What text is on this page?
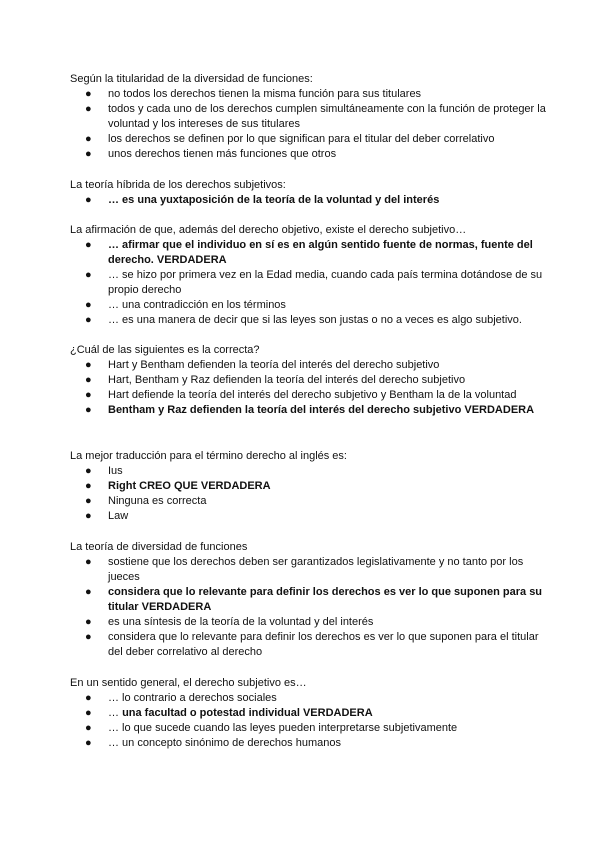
Según la titularidad de la diversidad de funciones:

● no todos los derechos tienen la misma función para sus titulares
● todos y cada uno de los derechos cumplen simultáneamente con la función de proteger la voluntad y los intereses de sus titulares
● los derechos se definen por lo que significan para el titular del deber correlativo
● unos derechos tienen más funciones que otros

La teoría híbrida de los derechos subjetivos:

● … es una yuxtaposición de la teoría de la voluntad y del interés

La afirmación de que, además del derecho objetivo, existe el derecho subjetivo…

● … afirmar que el individuo en sí es en algún sentido fuente de normas, fuente del derecho. VERDADERA
● … se hizo por primera vez en la Edad media, cuando cada país termina dotándose de su propio derecho
● … una contradicción en los términos
● … es una manera de decir que si las leyes son justas o no a veces es algo subjetivo.

¿Cuál de las siguientes es la correcta?

● Hart y Bentham defienden la teoría del interés del derecho subjetivo
● Hart, Bentham y Raz defienden la teoría del interés del derecho subjetivo
● Hart defiende la teoría del interés del derecho subjetivo y Bentham la de la voluntad
● Bentham y Raz defienden la teoría del interés del derecho subjetivo VERDADERA

La mejor traducción para el término derecho al inglés es:

● Ius
● Right CREO QUE VERDADERA
● Ninguna es correcta
● Law

La teoría de diversidad de funciones

● sostiene que los derechos deben ser garantizados legislativamente y no tanto por los jueces
● considera que lo relevante para definir los derechos es ver lo que suponen para su titular VERDADERA
● es una síntesis de la teoría de la voluntad y del interés
● considera que lo relevante para definir los derechos es ver lo que suponen para el titular del deber correlativo al derecho

En un sentido general, el derecho subjetivo es…

● … lo contrario a derechos sociales
● … una facultad o potestad individual VERDADERA
● … lo que sucede cuando las leyes pueden interpretarse subjetivamente
● … un concepto sinónimo de derechos humanos
